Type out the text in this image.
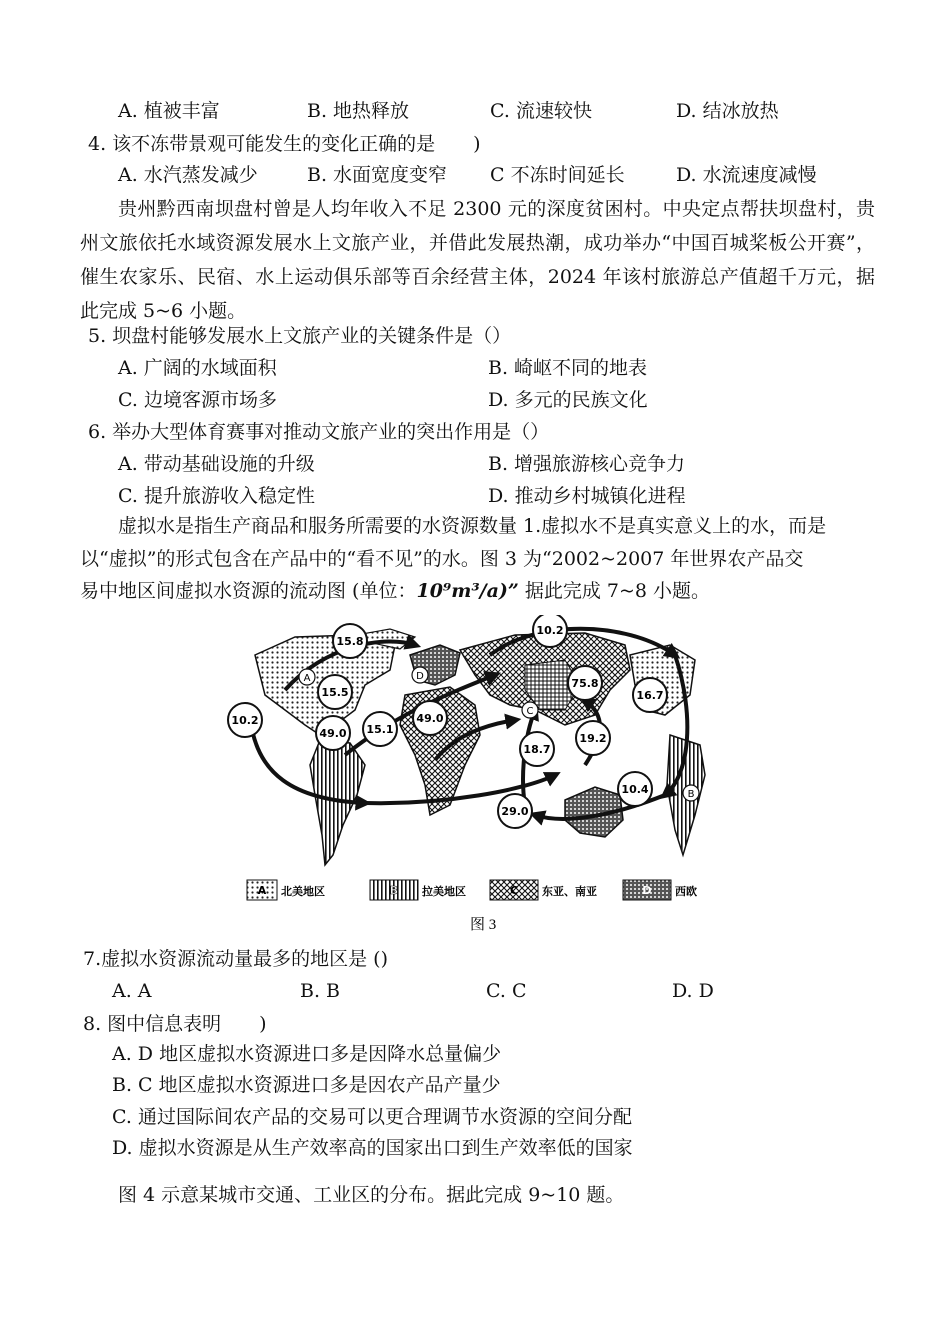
A. 植被丰富	B. 地热释放	C. 流速较快	D. 结冰放热
4. 该不冻带景观可能发生的变化正确的是　　)
A. 水汽蒸发减少	B. 水面宽度变窄 C 不冻时间延长	D. 水流速度减慢
贵州黔西南坝盘村曾是人均年收入不足 2300 元的深度贫困村。中央定点帮扶坝盘村，贵州文旅依托水域资源发展水上文旅产业，并借此发展热潮，成功举办“中国百城桨板公开赛”，催生农家乐、民宿、水上运动俱乐部等百余经营主体，2024 年该村旅游总产值超千万元，据此完成 5~6 小题。
5. 坝盘村能够发展水上文旅产业的关键条件是（）
A. 广阔的水域面积	B. 崎岖不同的地表
C. 边境客源市场多	D. 多元的民族文化
6. 举办大型体育赛事对推动文旅产业的突出作用是（）
A. 带动基础设施的升级	B. 增强旅游核心竞争力
C. 提升旅游收入稳定性	D. 推动乡村城镇化进程
虚拟水是指生产商品和服务所需要的水资源数量 1.虚拟水不是真实意义上的水，而是
以“虚拟”的形式包含在产品中的“看不见”的水。图 3 为“2002~2007 年世界农产品交
易中地区间虚拟水资源的流动图 (单位：10⁹m³/a)” 据此完成 7~8 小题。
15.8
15.5
10.2
49.0 15.1
49.0
10.2
75.8
16.7
19.2
18.7
29.0
10.4
A
B
C
D
A 北美地区	B 拉美地区	C 东亚、南亚	D 西欧
图 3
7.虚拟水资源流动量最多的地区是 ()
A. A	B. B	C. C	D. D
8. 图中信息表明　　)
A. D 地区虚拟水资源进口多是因降水总量偏少
B. C 地区虚拟水资源进口多是因农产品产量少
C. 通过国际间农产品的交易可以更合理调节水资源的空间分配
D. 虚拟水资源是从生产效率高的国家出口到生产效率低的国家
图 4 示意某城市交通、工业区的分布。据此完成 9~10 题。
